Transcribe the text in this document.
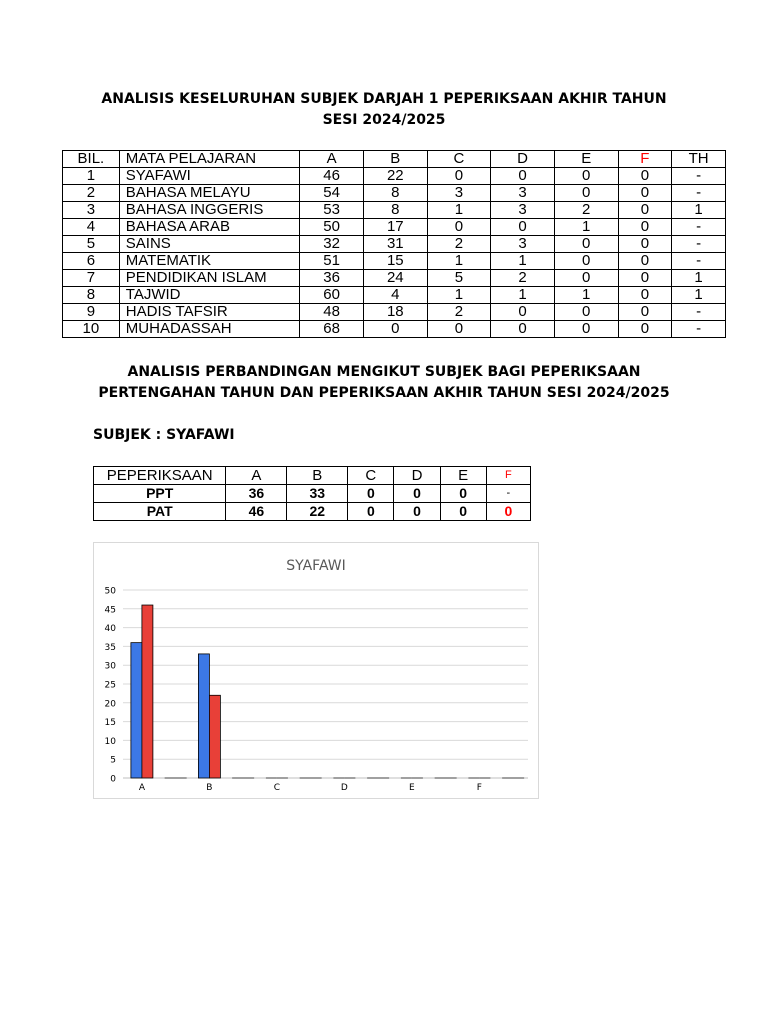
ANALISIS KESELURUHAN SUBJEK DARJAH 1 PEPERIKSAAN AKHIR TAHUN
SESI 2024/2025
BIL.	MATA PELAJARAN	A	B	C	D	E	F	TH
1	SYAFAWI	46	22	0	0	0	0	-
2	BAHASA MELAYU	54	8	3	3	0	0	-
3	BAHASA INGGERIS	53	8	1	3	2	0	1
4	BAHASA ARAB	50	17	0	0	1	0	-
5	SAINS	32	31	2	3	0	0	-
6	MATEMATIK	51	15	1	1	0	0	-
7	PENDIDIKAN ISLAM	36	24	5	2	0	0	1
8	TAJWID	60	4	1	1	1	0	1
9	HADIS TAFSIR	48	18	2	0	0	0	-
10	MUHADASSAH	68	0	0	0	0	0	-
ANALISIS PERBANDINGAN MENGIKUT SUBJEK BAGI PEPERIKSAAN
PERTENGAHAN TAHUN DAN PEPERIKSAAN AKHIR TAHUN SESI 2024/2025
SUBJEK : SYAFAWI
PEPERIKSAAN	A	B	C	D	E	F
PPT	36	33	0	0	0	-
PAT	46	22	0	0	0	0
SYAFAWI
0
5
10
15
20
25
30
35
40
45
50
A	B	C	D	E	F
